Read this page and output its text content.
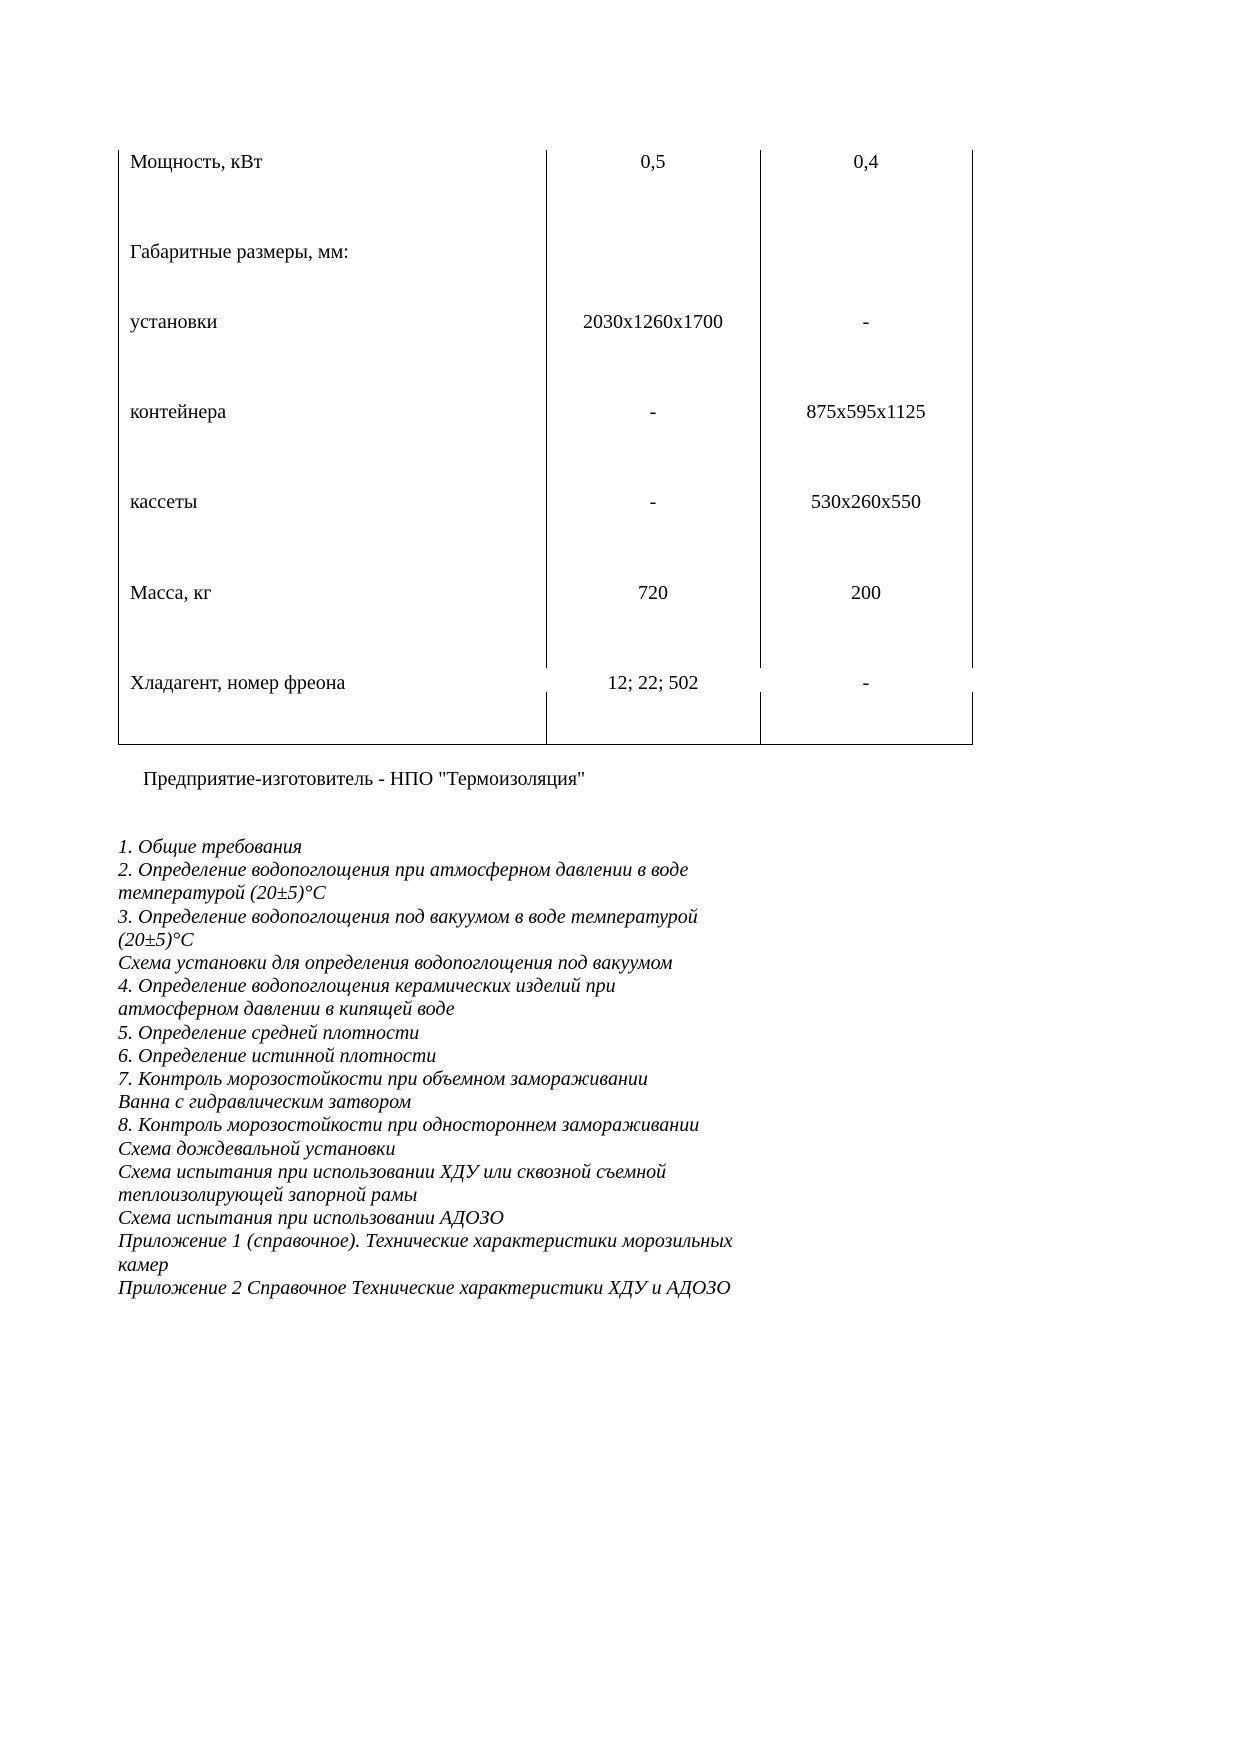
Мощность, кВт	0,5	0,4
Габаритные размеры, мм:
установки	2030x1260x1700	-
контейнера	-	875x595x1125
кассеты	-	530x260x550
Масса, кг	720	200
Хладагент, номер фреона	12; 22; 502	-
Предприятие-изготовитель - НПО "Термоизоляция"
1. Общие требования
2. Определение водопоглощения при атмосферном давлении в воде
температурой (20±5)°С
3. Определение водопоглощения под вакуумом в воде температурой
(20±5)°С
Схема установки для определения водопоглощения под вакуумом
4. Определение водопоглощения керамических изделий при
атмосферном давлении в кипящей воде
5. Определение средней плотности
6. Определение истинной плотности
7. Контроль морозостойкости при объемном замораживании
Ванна с гидравлическим затвором
8. Контроль морозостойкости при одностороннем замораживании
Схема дождевальной установки
Схема испытания при использовании ХДУ или сквозной съемной
теплоизолирующей запорной рамы
Схема испытания при использовании АДОЗО
Приложение 1 (справочное). Технические характеристики морозильных
камер
Приложение 2 Справочное Технические характеристики ХДУ и АДОЗО
